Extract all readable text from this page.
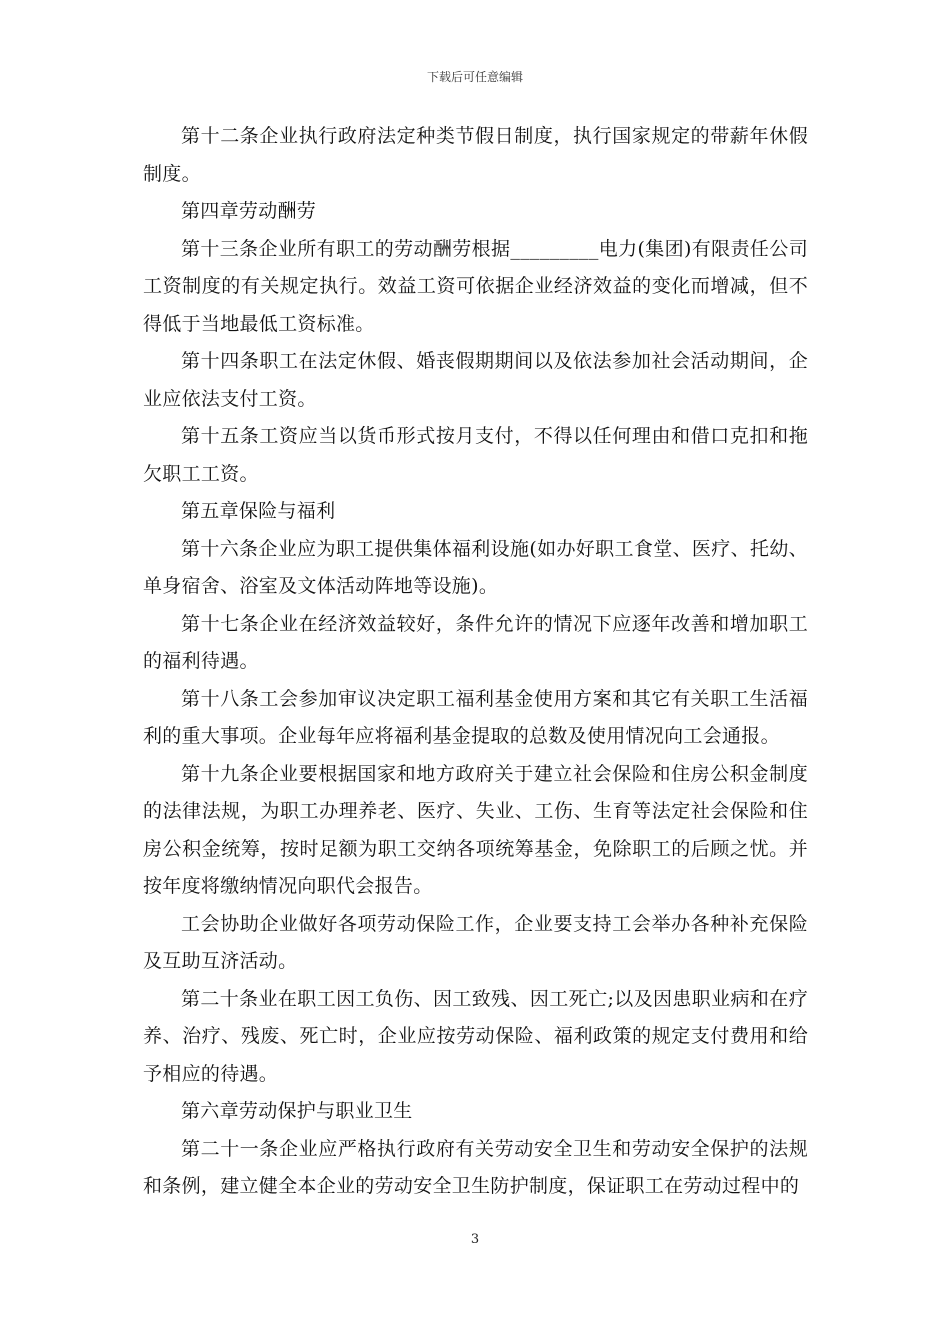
下载后可任意编辑

第十二条企业执行政府法定种类节假日制度，执行国家规定的带薪年休假制度。

第四章劳动酬劳

第十三条企业所有职工的劳动酬劳根据_________电力(集团)有限责任公司工资制度的有关规定执行。效益工资可依据企业经济效益的变化而增减，但不得低于当地最低工资标准。

第十四条职工在法定休假、婚丧假期期间以及依法参加社会活动期间，企业应依法支付工资。

第十五条工资应当以货币形式按月支付，不得以任何理由和借口克扣和拖欠职工工资。

第五章保险与福利

第十六条企业应为职工提供集体福利设施(如办好职工食堂、医疗、托幼、单身宿舍、浴室及文体活动阵地等设施)。

第十七条企业在经济效益较好，条件允许的情况下应逐年改善和增加职工的福利待遇。

第十八条工会参加审议决定职工福利基金使用方案和其它有关职工生活福利的重大事项。企业每年应将福利基金提取的总数及使用情况向工会通报。

第十九条企业要根据国家和地方政府关于建立社会保险和住房公积金制度的法律法规，为职工办理养老、医疗、失业、工伤、生育等法定社会保险和住房公积金统筹，按时足额为职工交纳各项统筹基金，免除职工的后顾之忧。并按年度将缴纳情况向职代会报告。

工会协助企业做好各项劳动保险工作，企业要支持工会举办各种补充保险及互助互济活动。

第二十条业在职工因工负伤、因工致残、因工死亡;以及因患职业病和在疗养、治疗、残废、死亡时，企业应按劳动保险、福利政策的规定支付费用和给予相应的待遇。

第六章劳动保护与职业卫生

第二十一条企业应严格执行政府有关劳动安全卫生和劳动安全保护的法规和条例，建立健全本企业的劳动安全卫生防护制度，保证职工在劳动过程中的

3
